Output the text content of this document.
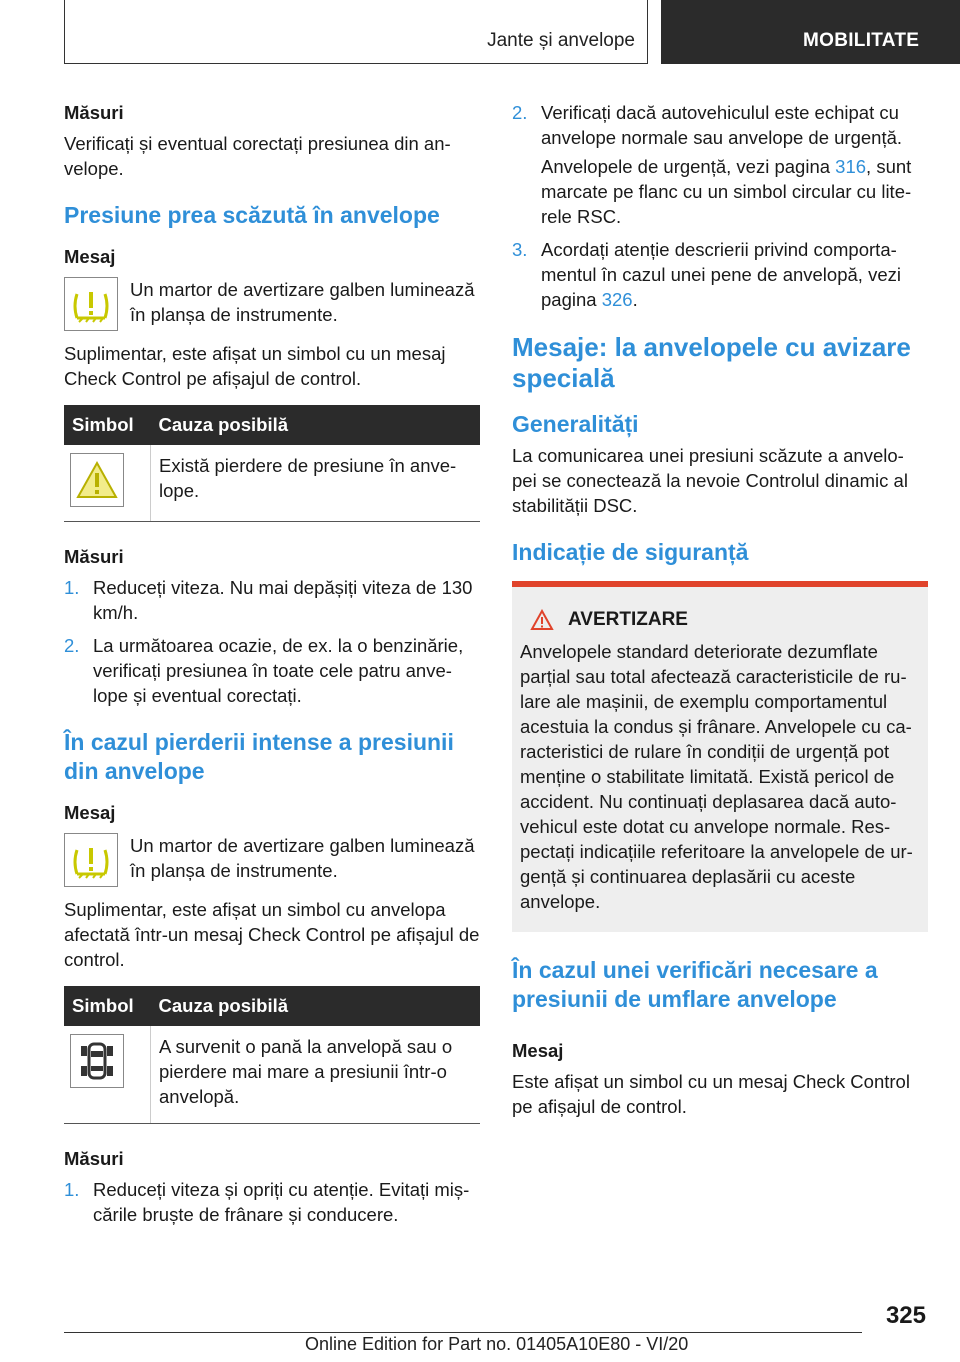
Jante și anvelope	MOBILITATE
Măsuri

Verificați și eventual corectați presiunea din an-velope.

Presiune prea scăzută în anvelope
Mesaj
Un martor de avertizare galben luminează în planșa de instrumente.

Suplimentar, este afișat un simbol cu un mesaj Check Control pe afișajul de control.

Simbol	Cauza posibilă

	Există pierdere de presiune în anve-lope.
Măsuri
1. Reduceți viteza. Nu mai depășiți viteza de 130 km/h.
2. La următoarea ocazie, de ex. la o benzinărie, verificați presiunea în toate cele patru anve-lope și eventual corectați.
În cazul pierderii intense a presiunii din anvelope
Mesaj
Un martor de avertizare galben luminează în planșa de instrumente.

Suplimentar, este afișat un simbol cu anvelopa afectată într-un mesaj Check Control pe afișajul de control.

Simbol	Cauza posibilă

	A survenit o pană la anvelopă sau o pierdere mai mare a presiunii într-o anvelopă.
Măsuri
1. Reduceți viteza și opriți cu atenție. Evitați miș-cările bruște de frânare și conducere.
2. Verificați dacă autovehiculul este echipat cu anvelope normale sau anvelope de urgență.

Anvelopele de urgență, vezi pagina 316, sunt marcate pe flanc cu un simbol circular cu lite-rele RSC.

3. Acordați atenție descrierii privind comporta-mentul în cazul unei pene de anvelopă, vezi pagina 326.
Mesaje: la anvelopele cu avizare specială
Generalități

La comunicarea unei presiuni scăzute a anvelo-pei se conectează la nevoie Controlul dinamic al stabilității DSC.

Indicație de siguranță
AVERTIZARE

Anvelopele standard deteriorate dezumflate parțial sau total afectează caracteristicile de ru-lare ale mașinii, de exemplu comportamentul acestuia la condus și frânare. Anvelopele cu ca-racteristici de rulare în condiții de urgență pot menține o stabilitate limitată. Există pericol de accident. Nu continuați deplasarea dacă auto-vehicul este dotat cu anvelope normale. Res-pectați indicațiile referitoare la anvelopele de ur-gență și continuarea deplasării cu aceste anvelope.

În cazul unei verificări necesare a presiunii de umflare anvelope
Mesaj

Este afișat un simbol cu un mesaj Check Control pe afișajul de control.

325
Online Edition for Part no. 01405A10E80 - VI/20
